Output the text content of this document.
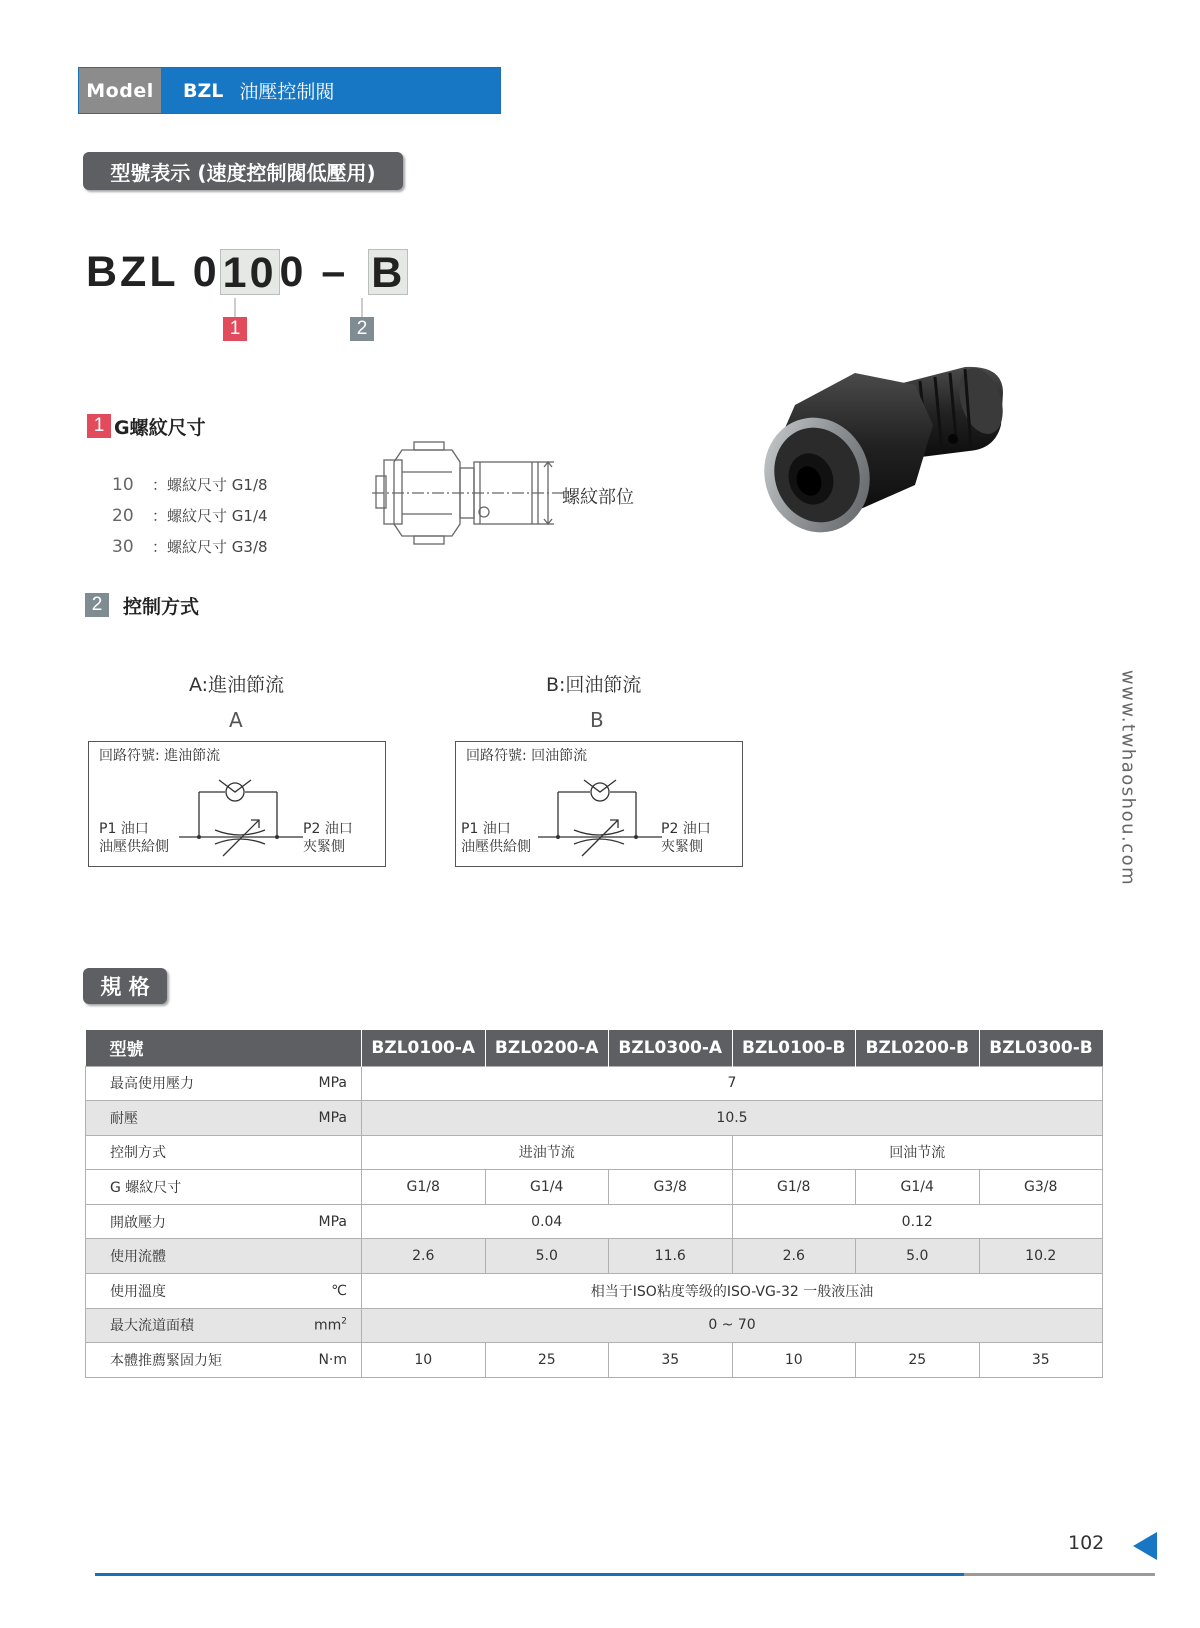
Model	BZL 油壓控制閥
型號表示 (速度控制閥低壓用)
BZL 0 10 0 – B
1	2
1 G螺紋尺寸
10 ：螺紋尺寸 G1/8
20 ：螺紋尺寸 G1/4
30 ：螺紋尺寸 G3/8
螺紋部位
2	控制方式
A:進油節流
A
回路符號: 進油節流
P1 油口
油壓供給側
P2 油口
夾緊側
B:回油節流
B
回路符號: 回油節流
P1 油口
油壓供給側
P2 油口
夾緊側	www.twhaoshou.com
規 格
型號	BZL0100-A	BZL0200-A	BZL0300-A	BZL0100-B	BZL0200-B	BZL0300-B
最高使用壓力 MPa	7					
耐壓 MPa	10.5					
控制方式	进油节流			回油节流		
G 螺紋尺寸	G1/8	G1/4	G3/8	G1/8	G1/4	G3/8
開啟壓力 MPa	0.04			0.12		
使用流體	2.6	5.0	11.6	2.6	5.0	10.2
使用溫度 ℃	相当于ISO粘度等级的ISO-VG-32 一般液压油					
最大流道面積 $mm^2$	0 ~ 70					
本體推薦緊固力矩 N·m	10	25	35	10	25	35
102
